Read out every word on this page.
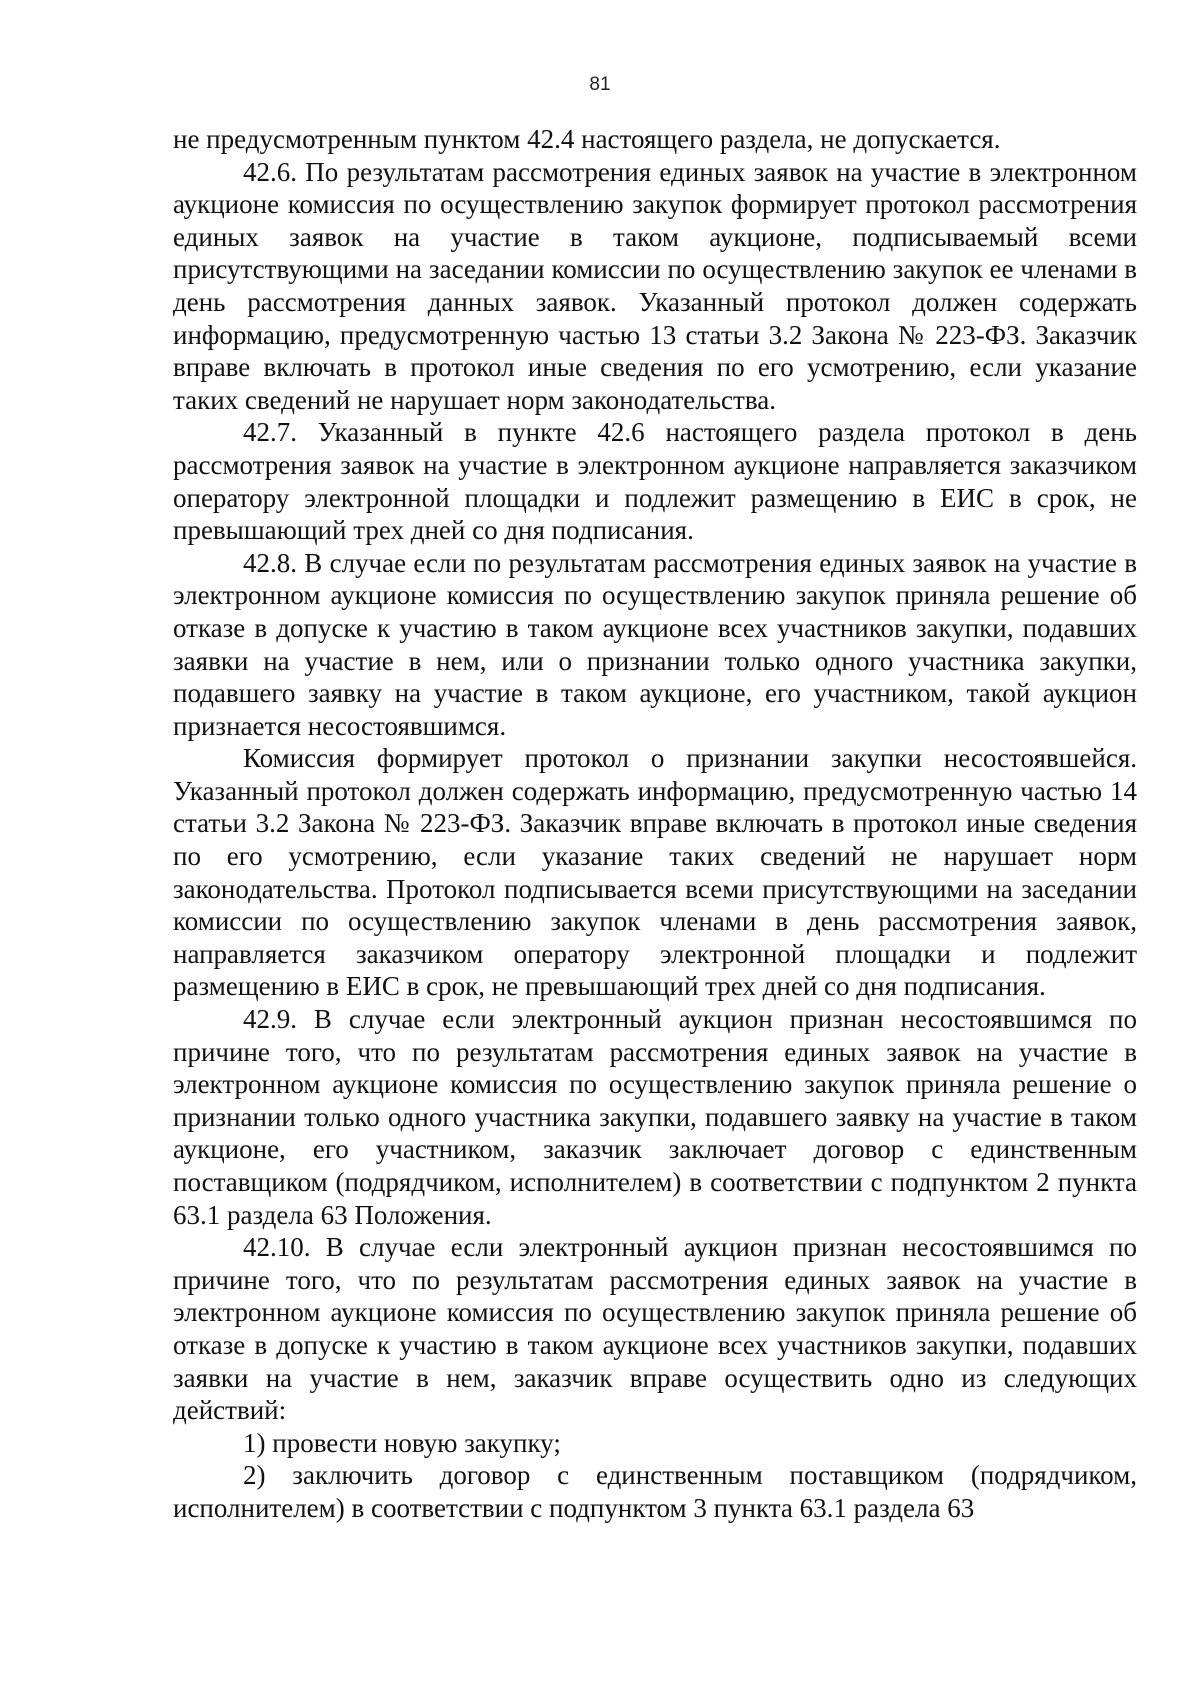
81

не предусмотренным пунктом 42.4 настоящего раздела, не допускается.

42.6. По результатам рассмотрения единых заявок на участие в электронном аукционе комиссия по осуществлению закупок формирует протокол рассмотрения единых заявок на участие в таком аукционе, подписываемый всеми присутствующими на заседании комиссии по осуществлению закупок ее членами в день рассмотрения данных заявок. Указанный протокол должен содержать информацию, предусмотренную частью 13 статьи 3.2 Закона № 223-ФЗ. Заказчик вправе включать в протокол иные сведения по его усмотрению, если указание таких сведений не нарушает норм законодательства.

42.7. Указанный в пункте 42.6 настоящего раздела протокол в день рассмотрения заявок на участие в электронном аукционе направляется заказчиком оператору электронной площадки и подлежит размещению в ЕИС в срок, не превышающий трех дней со дня подписания.

42.8. В случае если по результатам рассмотрения единых заявок на участие в электронном аукционе комиссия по осуществлению закупок приняла решение об отказе в допуске к участию в таком аукционе всех участников закупки, подавших заявки на участие в нем, или о признании только одного участника закупки, подавшего заявку на участие в таком аукционе, его участником, такой аукцион признается несостоявшимся.

Комиссия формирует протокол о признании закупки несостоявшейся. Указанный протокол должен содержать информацию, предусмотренную частью 14 статьи 3.2 Закона № 223-ФЗ. Заказчик вправе включать в протокол иные сведения по его усмотрению, если указание таких сведений не нарушает норм законодательства. Протокол подписывается всеми присутствующими на заседании комиссии по осуществлению закупок членами в день рассмотрения заявок, направляется заказчиком оператору электронной площадки и подлежит размещению в ЕИС в срок, не превышающий трех дней со дня подписания.

42.9. В случае если электронный аукцион признан несостоявшимся по причине того, что по результатам рассмотрения единых заявок на участие в электронном аукционе комиссия по осуществлению закупок приняла решение о признании только одного участника закупки, подавшего заявку на участие в таком аукционе, его участником, заказчик заключает договор с единственным поставщиком (подрядчиком, исполнителем) в соответствии с подпунктом 2 пункта 63.1 раздела 63 Положения.

42.10. В случае если электронный аукцион признан несостоявшимся по причине того, что по результатам рассмотрения единых заявок на участие в электронном аукционе комиссия по осуществлению закупок приняла решение об отказе в допуске к участию в таком аукционе всех участников закупки, подавших заявки на участие в нем, заказчик вправе осуществить одно из следующих действий:

1) провести новую закупку;

2) заключить договор с единственным поставщиком (подрядчиком, исполнителем) в соответствии с подпунктом 3 пункта 63.1 раздела 63
